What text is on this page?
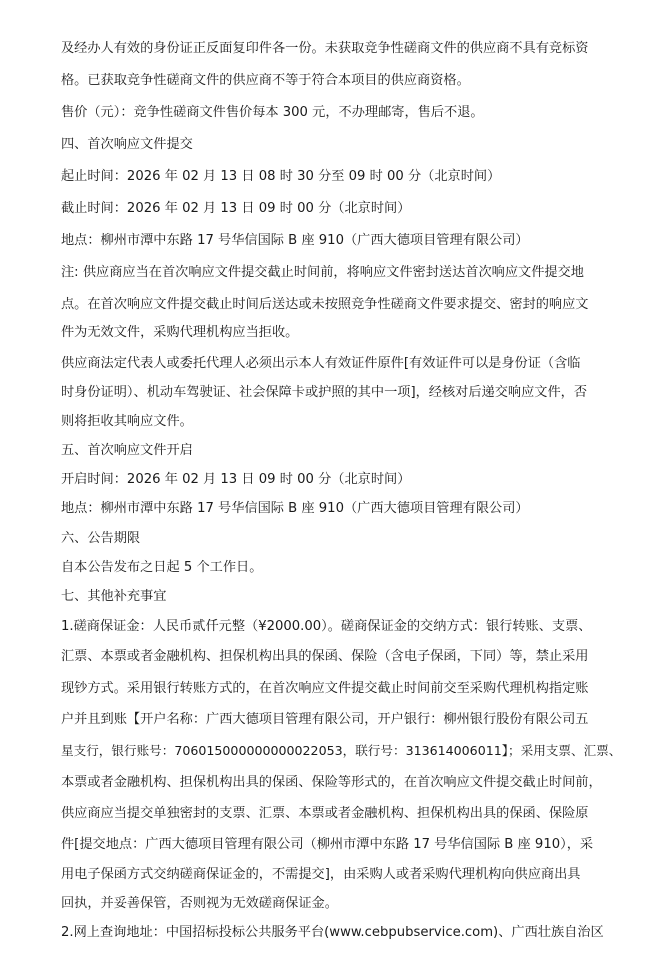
及经办人有效的身份证正反面复印件各一份。未获取竞争性磋商文件的供应商不具有竞标资
格。已获取竞争性磋商文件的供应商不等于符合本项目的供应商资格。
售价（元）：竞争性磋商文件售价每本 300 元，不办理邮寄，售后不退。
四、首次响应文件提交
起止时间：2026 年 02 月 13 日 08 时 30 分至 09 时 00 分（北京时间）
截止时间：2026 年 02 月 13 日 09 时 00 分（北京时间）
地点：柳州市潭中东路 17 号华信国际 B 座 910（广西大德项目管理有限公司）
注: 供应商应当在首次响应文件提交截止时间前，将响应文件密封送达首次响应文件提交地
点。在首次响应文件提交截止时间后送达或未按照竞争性磋商文件要求提交、密封的响应文
件为无效文件，采购代理机构应当拒收。
供应商法定代表人或委托代理人必须出示本人有效证件原件[有效证件可以是身份证（含临
时身份证明）、机动车驾驶证、社会保障卡或护照的其中一项]，经核对后递交响应文件，否
则将拒收其响应文件。
五、首次响应文件开启
开启时间：2026 年 02 月 13 日 09 时 00 分（北京时间）
地点：柳州市潭中东路 17 号华信国际 B 座 910（广西大德项目管理有限公司）
六、公告期限
自本公告发布之日起 5 个工作日。
七、其他补充事宜
1.磋商保证金：人民币贰仟元整（¥2000.00）。磋商保证金的交纳方式：银行转账、支票、
汇票、本票或者金融机构、担保机构出具的保函、保险（含电子保函，下同）等，禁止采用
现钞方式。采用银行转账方式的，在首次响应文件提交截止时间前交至采购代理机构指定账
户并且到账【开户名称：广西大德项目管理有限公司，开户银行：柳州银行股份有限公司五
星支行，银行账号：706015000000000022053，联行号：313614006011】；采用支票、汇票、
本票或者金融机构、担保机构出具的保函、保险等形式的，在首次响应文件提交截止时间前，
供应商应当提交单独密封的支票、汇票、本票或者金融机构、担保机构出具的保函、保险原
件[提交地点：广西大德项目管理有限公司（柳州市潭中东路 17 号华信国际 B 座 910），采
用电子保函方式交纳磋商保证金的，不需提交]，由采购人或者采购代理机构向供应商出具
回执，并妥善保管，否则视为无效磋商保证金。
2.网上查询地址：中国招标投标公共服务平台(www.cebpubservice.com)、广西壮族自治区
